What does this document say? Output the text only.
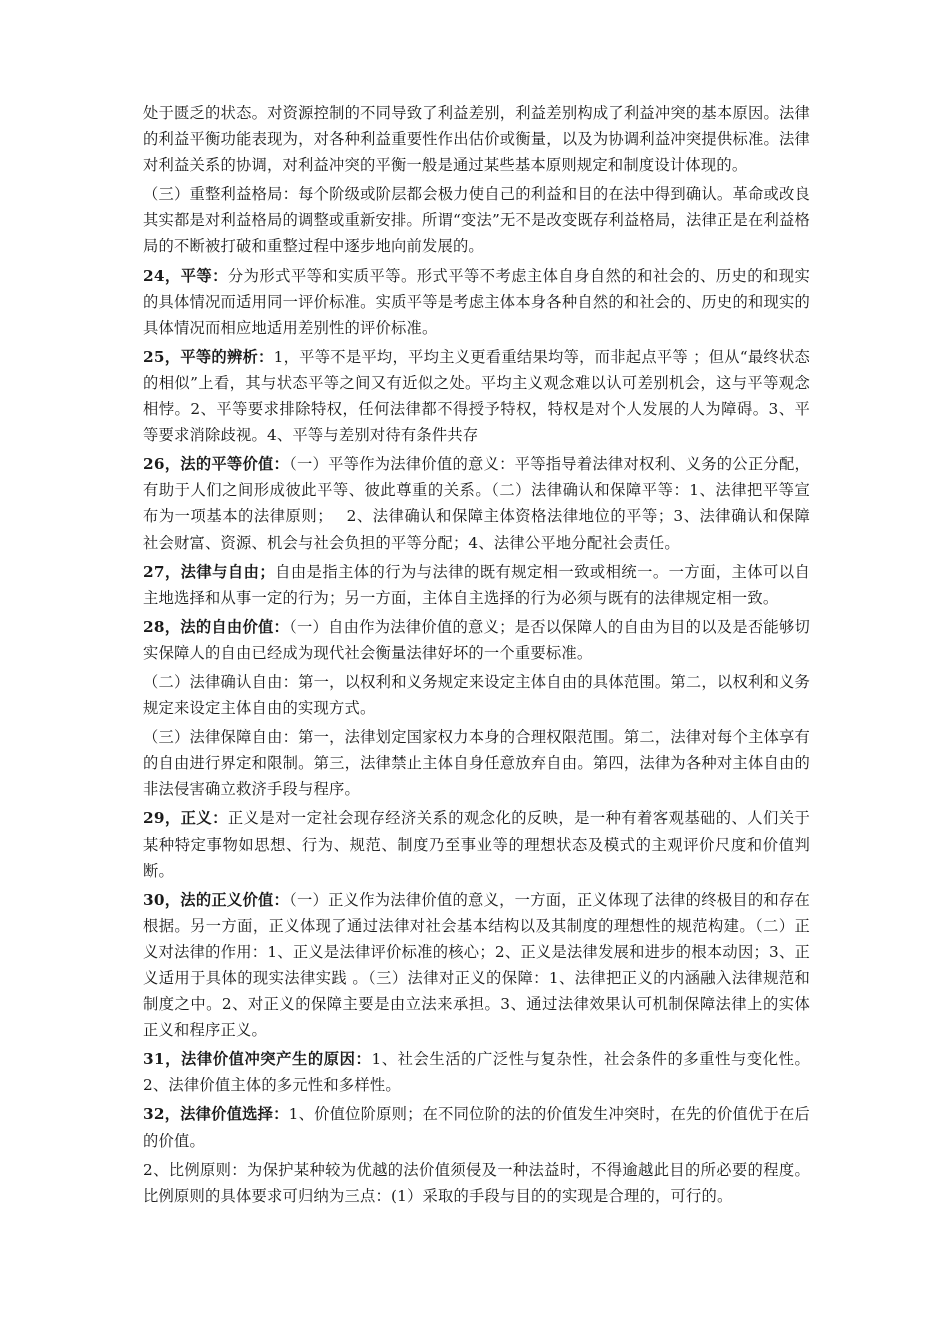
处于匮乏的状态。对资源控制的不同导致了利益差别，利益差别构成了利益冲突的基本原因。法律的利益平衡功能表现为，对各种利益重要性作出估价或衡量，以及为协调利益冲突提供标准。法律对利益关系的协调，对利益冲突的平衡一般是通过某些基本原则规定和制度设计体现的。

（三）重整利益格局：每个阶级或阶层都会极力使自己的利益和目的在法中得到确认。革命或改良其实都是对利益格局的调整或重新安排。所谓“变法”无不是改变既存利益格局，法律正是在利益格局的不断被打破和重整过程中逐步地向前发展的。

24，平等：分为形式平等和实质平等。形式平等不考虑主体自身自然的和社会的、历史的和现实的具体情况而适用同一评价标准。实质平等是考虑主体本身各种自然的和社会的、历史的和现实的具体情况而相应地适用差别性的评价标准。

25，平等的辨析：1，平等不是平均，平均主义更看重结果均等，而非起点平等 ；但从“最终状态的相似”上看，其与状态平等之间又有近似之处。平均主义观念难以认可差别机会，这与平等观念相悖。2、平等要求排除特权，任何法律都不得授予特权，特权是对个人发展的人为障碍。3、平等要求消除歧视。4、平等与差别对待有条件共存

26，法的平等价值：（一）平等作为法律价值的意义：平等指导着法律对权利、义务的公正分配，有助于人们之间形成彼此平等、彼此尊重的关系。（二）法律确认和保障平等：1、法律把平等宣布为一项基本的法律原则；　 2、法律确认和保障主体资格法律地位的平等；3、法律确认和保障社会财富、资源、机会与社会负担的平等分配；4、法律公平地分配社会责任。

27，法律与自由；自由是指主体的行为与法律的既有规定相一致或相统一。一方面，主体可以自主地选择和从事一定的行为；另一方面，主体自主选择的行为必须与既有的法律规定相一致。

28，法的自由价值：（一）自由作为法律价值的意义；是否以保障人的自由为目的以及是否能够切实保障人的自由已经成为现代社会衡量法律好坏的一个重要标准。

（二）法律确认自由：第一，以权利和义务规定来设定主体自由的具体范围。第二，以权利和义务规定来设定主体自由的实现方式。

（三）法律保障自由：第一，法律划定国家权力本身的合理权限范围。第二，法律对每个主体享有的自由进行界定和限制。第三，法律禁止主体自身任意放弃自由。第四，法律为各种对主体自由的非法侵害确立救济手段与程序。

29，正义：正义是对一定社会现存经济关系的观念化的反映，是一种有着客观基础的、人们关于某种特定事物如思想、行为、规范、制度乃至事业等的理想状态及模式的主观评价尺度和价值判断。

30，法的正义价值：（一）正义作为法律价值的意义，一方面，正义体现了法律的终极目的和存在根据。另一方面，正义体现了通过法律对社会基本结构以及其制度的理想性的规范构建。（二）正义对法律的作用：1、正义是法律评价标准的核心；2、正义是法律发展和进步的根本动因；3、正义适用于具体的现实法律实践 。（三）法律对正义的保障：1、法律把正义的内涵融入法律规范和制度之中。2、对正义的保障主要是由立法来承担。3、通过法律效果认可机制保障法律上的实体正义和程序正义。

31，法律价值冲突产生的原因：1、社会生活的广泛性与复杂性，社会条件的多重性与变化性。2、法律价值主体的多元性和多样性。

32，法律价值选择：1、价值位阶原则；在不同位阶的法的价值发生冲突时，在先的价值优于在后的价值。

2、比例原则：为保护某种较为优越的法价值须侵及一种法益时，不得逾越此目的所必要的程度。比例原则的具体要求可归纳为三点：(1）采取的手段与目的的实现是合理的，可行的。
